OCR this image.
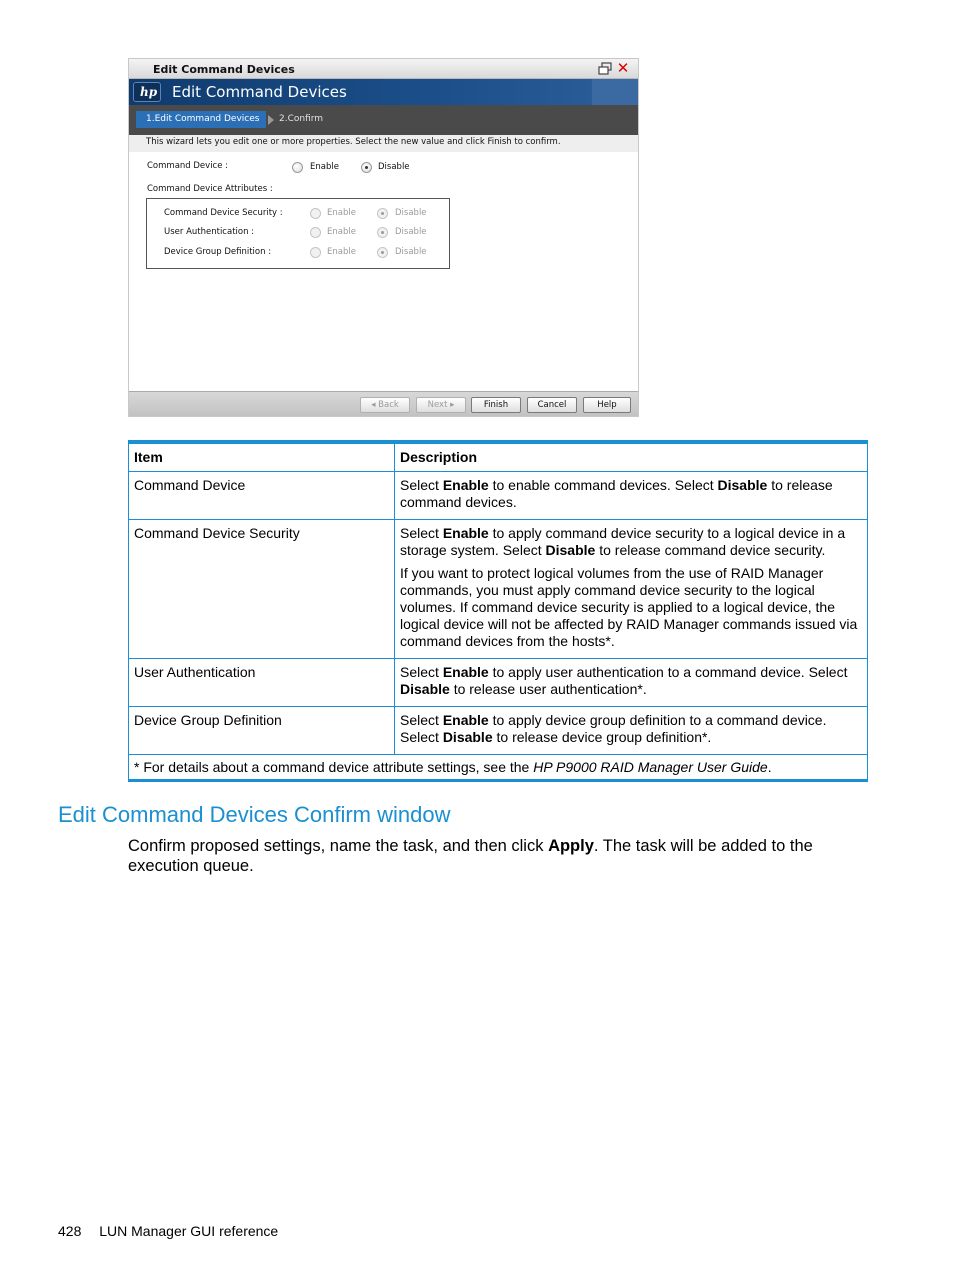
Edit Command Devices	✕
hp Edit Command Devices
1.Edit Command Devices	2.Confirm
This wizard lets you edit one or more properties. Select the new value and click Finish to confirm.
Command Device :	Enable	Disable
Command Device Attributes :
Command Device Security :	Enable	Disable
User Authentication :	Enable	Disable
Device Group Definition :	Enable	Disable
◂ Back	Next ▸	Finish	Cancel	Help
Item	Description
Command Device	Select Enable to enable command devices. Select Disable to release command devices.

Command Device Security	Select Enable to apply command device security to a logical device in a storage system. Select Disable to release command device security.

If you want to protect logical volumes from the use of RAID Manager commands, you must apply command device security to the logical volumes. If command device security is applied to a logical device, the logical device will not be affected by RAID Manager commands issued via command devices from the hosts*.

User Authentication	Select Enable to apply user authentication to a command device. Select Disable to release user authentication*.

Device Group Definition	Select Enable to apply device group definition to a command device. Select Disable to release device group definition*.

* For details about a command device attribute settings, see the HP P9000 RAID Manager User Guide.	
Edit Command Devices Confirm window

Confirm proposed settings, name the task, and then click Apply. The task will be added to the execution queue.

428 LUN Manager GUI reference
